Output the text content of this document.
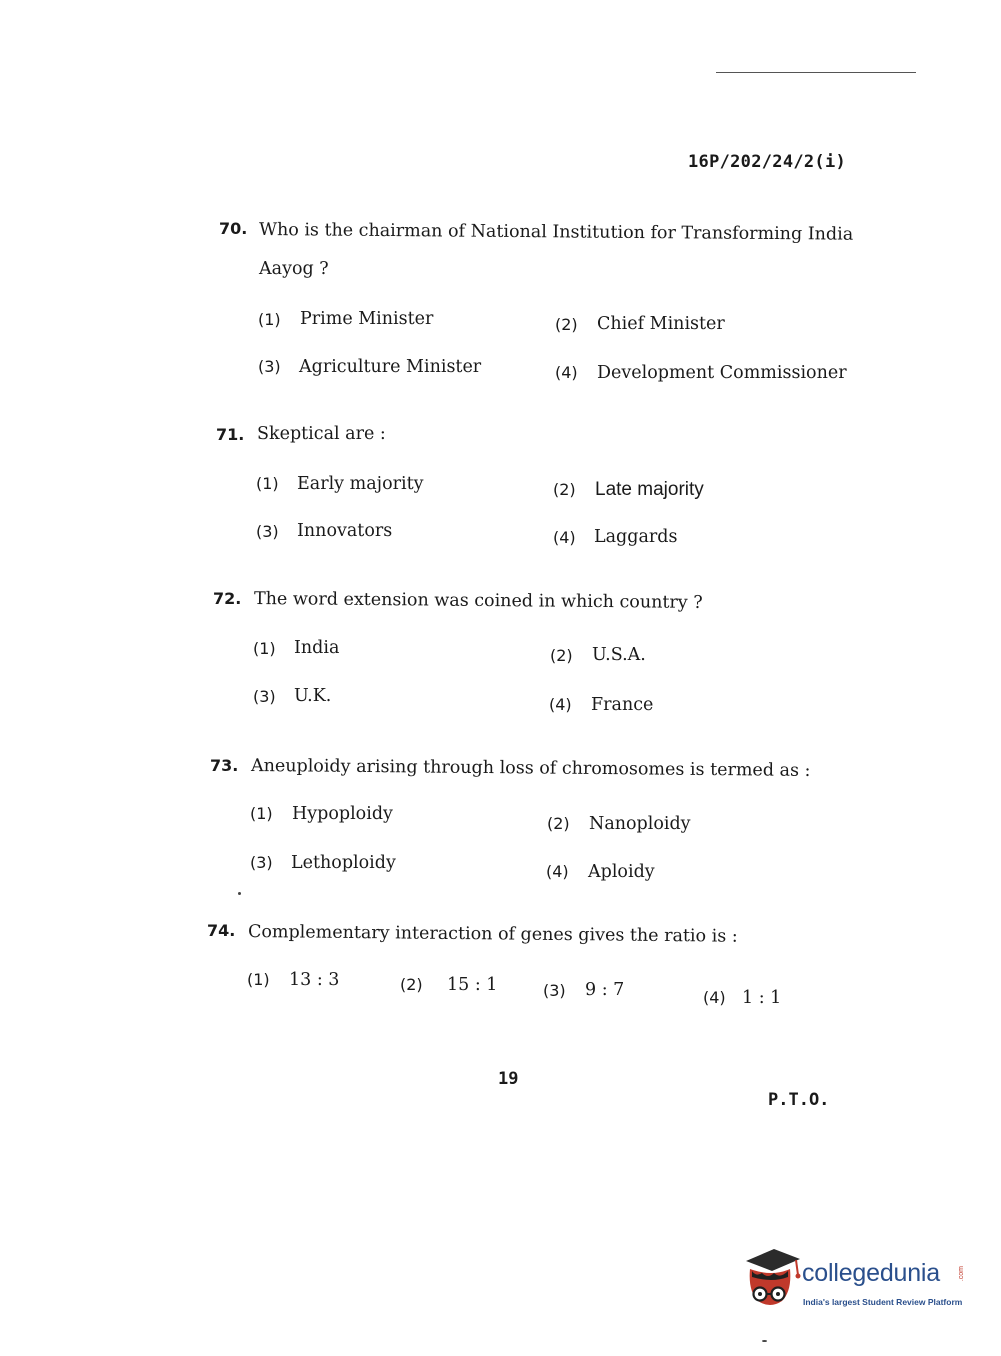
16P/202/24/2(i)
70. Who is the chairman of National Institution for Transforming India
Aayog ?
(1) Prime Minister	(2) Chief Minister
(3) Agriculture Minister	(4) Development Commissioner
71. Skeptical are :
(1) Early majority	(2) Late majority
(3) Innovators	(4) Laggards
72. The word extension was coined in which country ?
(1) India	(2) U.S.A.
(3) U.K.	(4) France
73. Aneuploidy arising through loss of chromosomes is termed as :
(1) Hypoploidy	(2) Nanoploidy
(3) Lethoploidy	(4) Aploidy
74. Complementary interaction of genes gives the ratio is :
(1) 13 : 3	(2) 15 : 1	(3) 9 : 7	(4) 1 : 1
19
P.T.O.
collegedunia	.com
India's largest Student Review Platform
